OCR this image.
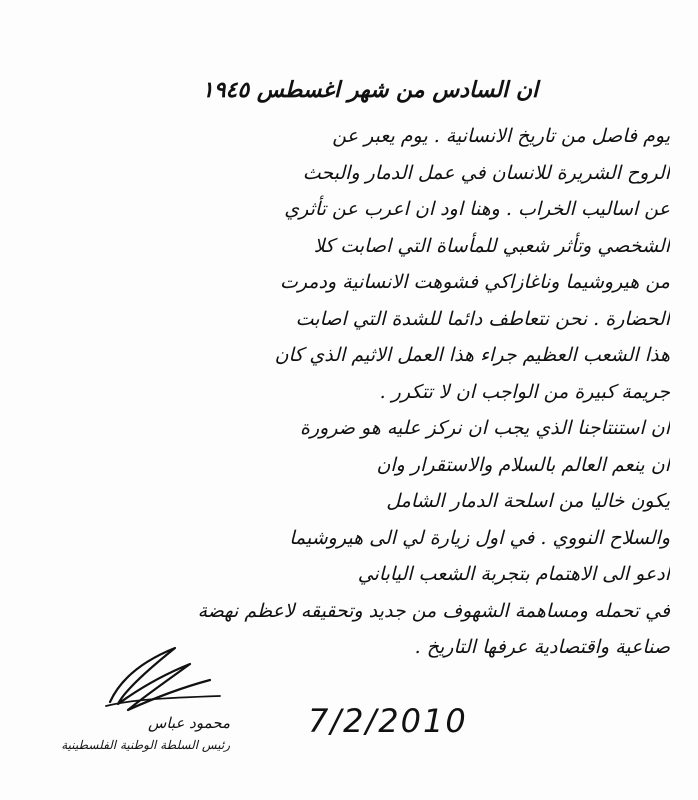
ان السادس من شهر اغسطس ١٩٤٥
يوم فاصل من تاريخ الانسانية . يوم يعبر عن
الروح الشريرة للانسان في عمل الدمار والبحث
عن اساليب الخراب . وهنا اود ان اعرب عن تأثري
الشخصي وتأثر شعبي للمأساة التي اصابت كلا
من هيروشيما وناغازاكي فشوهت الانسانية ودمرت
الحضارة . نحن نتعاطف دائما للشدة التي اصابت
هذا الشعب العظيم جراء هذا العمل الاثيم الذي كان
جريمة كبيرة من الواجب ان لا تتكرر .
ان استنتاجنا الذي يجب ان نركز عليه هو ضرورة
ان ينعم العالم بالسلام والاستقرار وان
يكون خاليا من اسلحة الدمار الشامل
والسلاح النووي . في اول زيارة لي الى هيروشيما
ادعو الى الاهتمام بتجربة الشعب الياباني
في تحمله ومساهمة الشهوف من جديد وتحقيقه لاعظم نهضة
صناعية واقتصادية عرفها التاريخ .
محمود عباس
رئيس السلطة الوطنية الفلسطينية
7/2/2010
